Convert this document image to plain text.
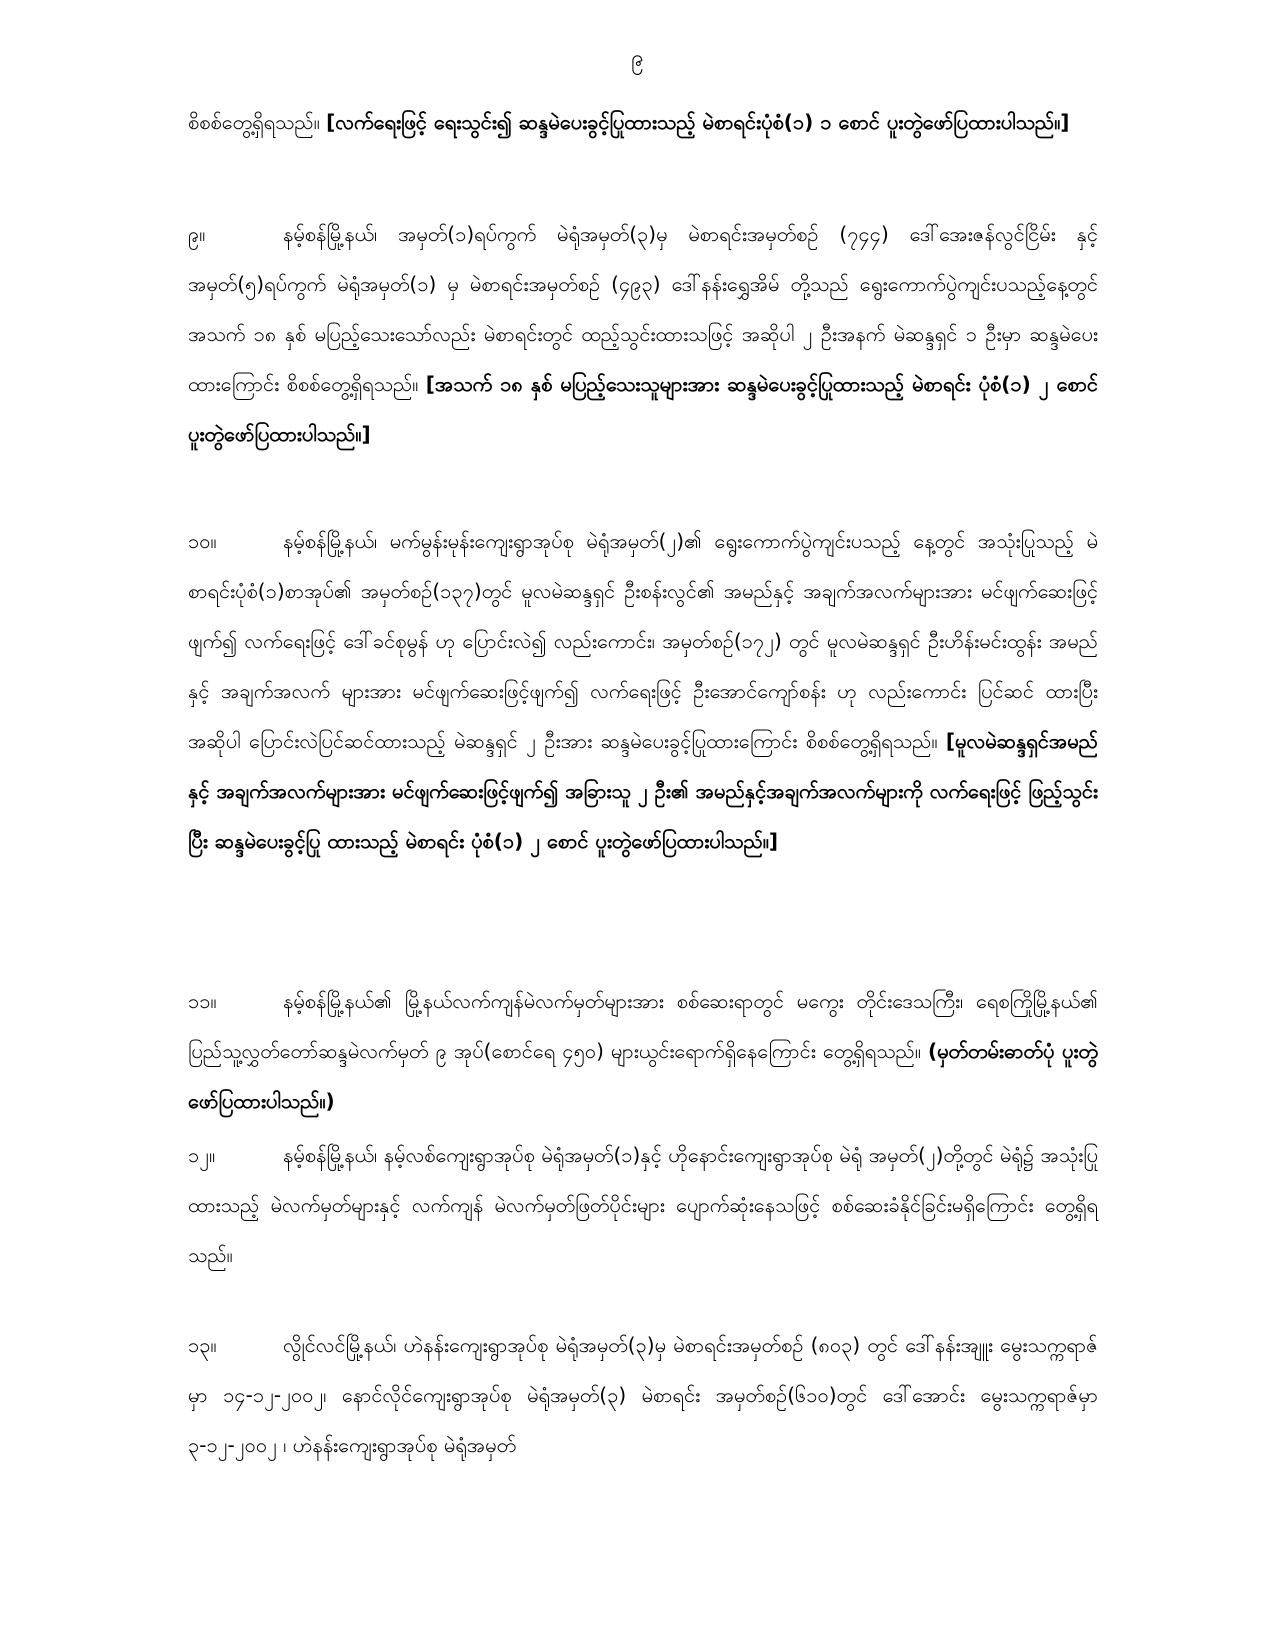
၉

စိစစ်တွေ့ရှိရသည်။ [လက်ရေးဖြင့် ရေးသွင်း၍ ဆန္ဒမဲပေးခွင့်ပြုထားသည့် မဲစာရင်းပုံစံ(၁) ၁ စောင် ပူးတွဲဖော်ပြထားပါသည်။]

၉။	နမ့်စန်မြို့နယ်၊ အမှတ်(၁)ရပ်ကွက် မဲရုံအမှတ်(၃)မှ မဲစာရင်းအမှတ်စဉ် (၇၄၄) ဒေါ်အေးဇန်လွင်ငြိမ်း နှင့် အမှတ်(၅)ရပ်ကွက် မဲရုံအမှတ်(၁) မှ မဲစာရင်းအမှတ်စဉ် (၄၉၃) ဒေါ်နန်းရွှေအိမ် တို့သည် ရွေးကောက်ပွဲကျင်းပသည့်နေ့တွင် အသက် ၁၈ နှစ် မပြည့်သေးသော်လည်း မဲစာရင်းတွင် ထည့်သွင်းထားသဖြင့် အဆိုပါ ၂ ဦးအနက် မဲဆန္ဒရှင် ၁ ဦးမှာ ဆန္ဒမဲပေးထားကြောင်း စိစစ်တွေ့ရှိရသည်။ [အသက် ၁၈ နှစ် မပြည့်သေးသူများအား ဆန္ဒမဲပေးခွင့်ပြုထားသည့် မဲစာရင်း ပုံစံ(၁) ၂ စောင် ပူးတွဲဖော်ပြထားပါသည်။]

၁၀။	နမ့်စန်မြို့နယ်၊ မက်မွန်းမုန်းကျေးရွာအုပ်စု မဲရုံအမှတ်(၂)၏ ရွေးကောက်ပွဲကျင်းပသည့် နေ့တွင် အသုံးပြုသည့် မဲစာရင်းပုံစံ(၁)စာအုပ်၏ အမှတ်စဉ်(၁၃၇)တွင် မူလမဲဆန္ဒရှင် ဦးစန်းလွင်၏ အမည်နှင့် အချက်အလက်များအား မင်ဖျက်ဆေးဖြင့်ဖျက်၍ လက်ရေးဖြင့် ဒေါ်ခင်စုမွန် ဟု ပြောင်းလဲ၍ လည်းကောင်း၊ အမှတ်စဉ်(၁၇၂) တွင် မူလမဲဆန္ဒရှင် ဦးဟိန်းမင်းထွန်း အမည်နှင့် အချက်အလက် များအား မင်ဖျက်ဆေးဖြင့်ဖျက်၍ လက်ရေးဖြင့် ဦးအောင်ကျော်စန်း ဟု လည်းကောင်း ပြင်ဆင် ထားပြီး အဆိုပါ ပြောင်းလဲပြင်ဆင်ထားသည့် မဲဆန္ဒရှင် ၂ ဦးအား ဆန္ဒမဲပေးခွင့်ပြုထားကြောင်း စိစစ်တွေ့ရှိရသည်။ [မူလမဲဆန္ဒရှင်အမည်နှင့် အချက်အလက်များအား မင်ဖျက်ဆေးဖြင့်ဖျက်၍ အခြားသူ ၂ ဦး၏ အမည်နှင့်အချက်အလက်များကို လက်ရေးဖြင့် ဖြည့်သွင်းပြီး ဆန္ဒမဲပေးခွင့်ပြု ထားသည့် မဲစာရင်း ပုံစံ(၁) ၂ စောင် ပူးတွဲဖော်ပြထားပါသည်။]

၁၁။	နမ့်စန်မြို့နယ်၏ မြို့နယ်လက်ကျန်မဲလက်မှတ်များအား စစ်ဆေးရာတွင် မကွေး တိုင်းဒေသကြီး၊ ရေစကြိုမြို့နယ်၏ ပြည်သူ့လွှတ်တော်ဆန္ဒမဲလက်မှတ် ၉ အုပ်(စောင်ရေ ၄၅၀) များယွင်းရောက်ရှိနေကြောင်း တွေ့ရှိရသည်။ (မှတ်တမ်းဓာတ်ပုံ ပူးတွဲဖော်ပြထားပါသည်။)

၁၂။	နမ့်စန်မြို့နယ်၊ နမ့်လစ်ကျေးရွာအုပ်စု မဲရုံအမှတ်(၁)နှင့် ဟိုနောင်းကျေးရွာအုပ်စု မဲရုံ အမှတ်(၂)တို့တွင် မဲရုံ၌ အသုံးပြုထားသည့် မဲလက်မှတ်များနှင့် လက်ကျန် မဲလက်မှတ်ဖြတ်ပိုင်းများ ပျောက်ဆုံးနေသဖြင့် စစ်ဆေးခံနိုင်ခြင်းမရှိကြောင်း တွေ့ရှိရသည်။

၁၃။	လွိုင်လင်မြို့နယ်၊ ဟဲနန်းကျေးရွာအုပ်စု မဲရုံအမှတ်(၃)မှ မဲစာရင်းအမှတ်စဉ် (၈၀၃) တွင် ဒေါ်နန်းအျူး မွေးသက္ကရာဇ်မှာ ၁၄-၁၂-၂၀၀၂၊ နောင်လိုင်ကျေးရွာအုပ်စု မဲရုံအမှတ်(၃) မဲစာရင်း အမှတ်စဉ်(၆၁၀)တွင် ဒေါ်အောင်း မွေးသက္ကရာဇ်မှာ ၃-၁၂-၂၀၀၂ ၊ ဟဲနန်းကျေးရွာအုပ်စု မဲရုံအမှတ်
